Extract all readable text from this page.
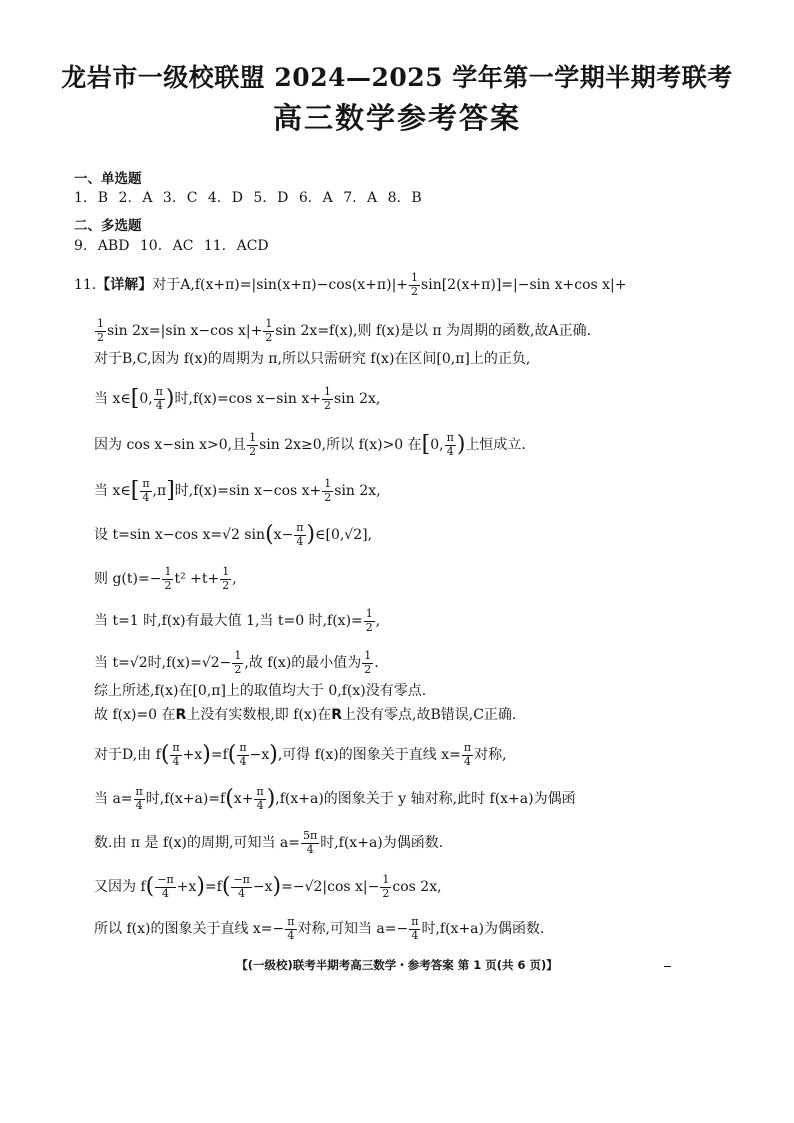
龙岩市一级校联盟 2024—2025 学年第一学期半期考联考
高三数学参考答案
一、单选题
1. B 2. A 3. C 4. D 5. D 6. A 7. A 8. B
二、多选题
9. ABD 10. AC 11. ACD
11.【详解】对于$A,f(x+\pi)=|\sin(x+\pi)-\cos(x+\pi)|+ \frac{1}{2} \sin[2(x+\pi)]=|-\sin$ x+cos x|+
$\frac{1}{2}$ sin 2x=|sin x−cos $x|+ \frac{1}{2}$ sin 2x=f(x),则 f(x)是以 π 为周期的函数,故A正确.
对于B,C,因为 f(x)的周期为 π,所以只需研究 f(x)在区间[0,π]上的正负,
当 x∈[0, $\frac{\pi}{4}$ )时,f(x)=cos x−sin $x+ \frac{1}{2}$ sin 2x,
因为 cos x−sin x>0,且 $\frac{1}{2}$ sin 2x≥0,所以 f(x)>0 在[0, $\frac{\pi}{4}$ )上恒成立.
当 x∈[ $\frac{\pi}{4} ,\pi$]时,f(x)=sin x−cos $x+ \frac{1}{2}$ sin 2x,
设 t=sin x−cos x=√2 $\sin(x- \frac{\pi}{4}$ )∈[0,√2],
则 $g(t)=- \frac{1}{2} t^2 +t+ \frac{1}{2}$ ,
当 t=1 时,f(x)有最大值 1,当 t=0 时$,f(x)= \frac{1}{2}$ ,
当 t=√2时$,f(x)=√2- \frac{1}{2}$ ,故 f(x)的最小值为 $\frac{1}{2}$ .
综上所述,f(x)在[0,π]上的取值均大于 0,f(x)没有零点.
故 f(x)=0 在R上没有实数根,即 f(x)在R上没有零点,故B错误,C正确.
对于D,由 $f( \frac{\pi}{4} +x)=f( \frac{\pi}{4} -x)$,可得 f(x)的图象关于直线 $x= \frac{\pi}{4}$ 对称,
当 $a= \frac{\pi}{4}$ 时$,f(x+a)=f(x+ \frac{\pi}{4} ),f(x+a)$的图象关于 y 轴对称,此时 f(x+a)为偶函
数.由 π 是 f(x)的周期,可知当 $a= \frac{5\pi}{4}$ 时,f(x+a)为偶函数.
又因为 $f( \frac{-\pi}{4} +x)=f( \frac{-\pi}{4} -x)=-√2|\cos$ $x|- \frac{1}{2}$ cos 2x,
所以 f(x)的图象关于直线 $x=- \frac{\pi}{4}$ 对称,可知当 $a=- \frac{\pi}{4}$ 时,f(x+a)为偶函数.
【(一级校)联考半期考高三数学・参考答案 第 1 页(共 6 页)】
